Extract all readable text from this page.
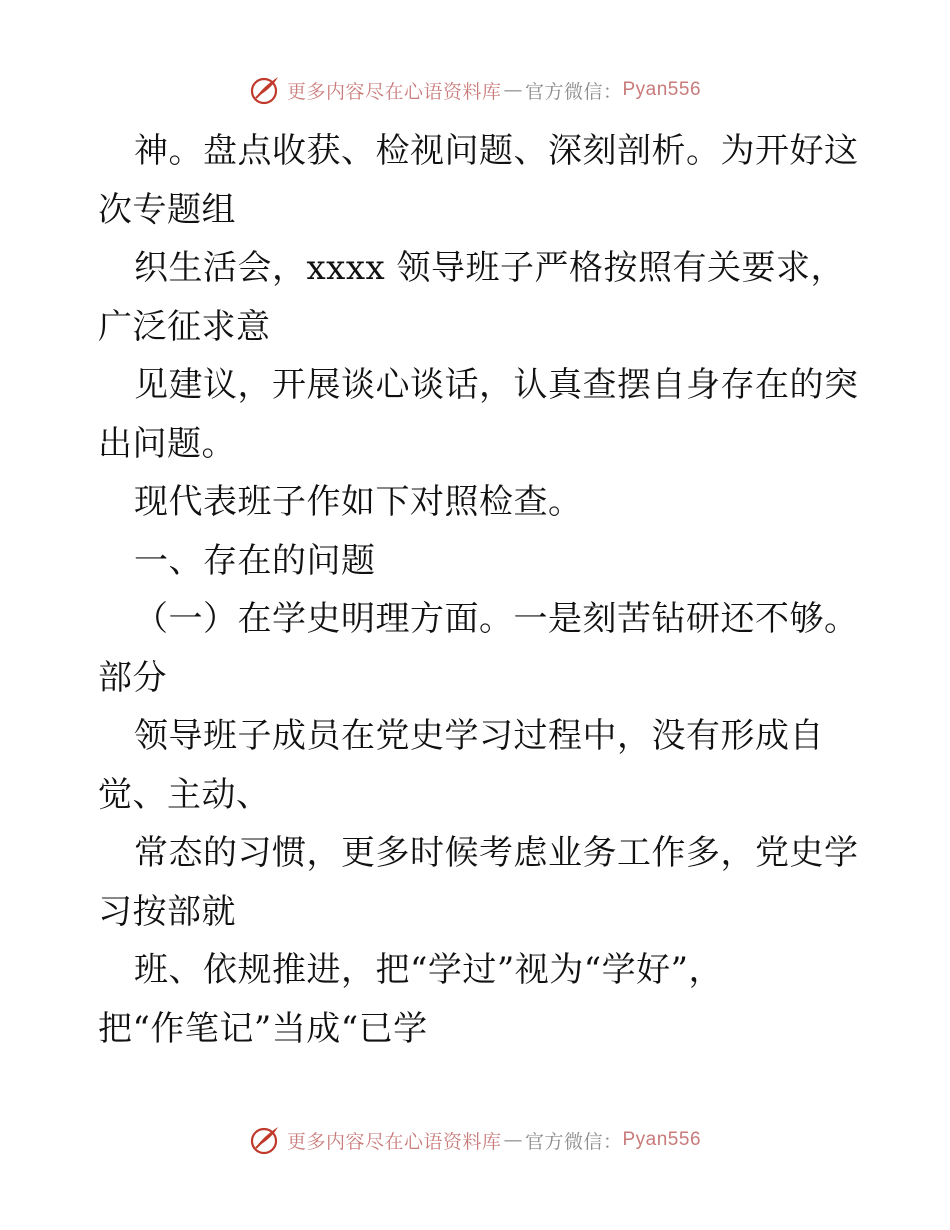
更多内容尽在心语资料库 — 官方微信： Pyan556
神。盘点收获、检视问题、深刻剖析。为开好这
次专题组
织生活会，xxxx 领导班子严格按照有关要求，
广泛征求意
见建议，开展谈心谈话，认真查摆自身存在的突
出问题。
现代表班子作如下对照检查。
一、存在的问题
（一）在学史明理方面。一是刻苦钻研还不够。
部分
领导班子成员在党史学习过程中，没有形成自
觉、主动、
常态的习惯，更多时候考虑业务工作多，党史学
习按部就
班、依规推进，把“学过”视为“学好”，
把“作笔记”当成“已学
更多内容尽在心语资料库 — 官方微信： Pyan556
